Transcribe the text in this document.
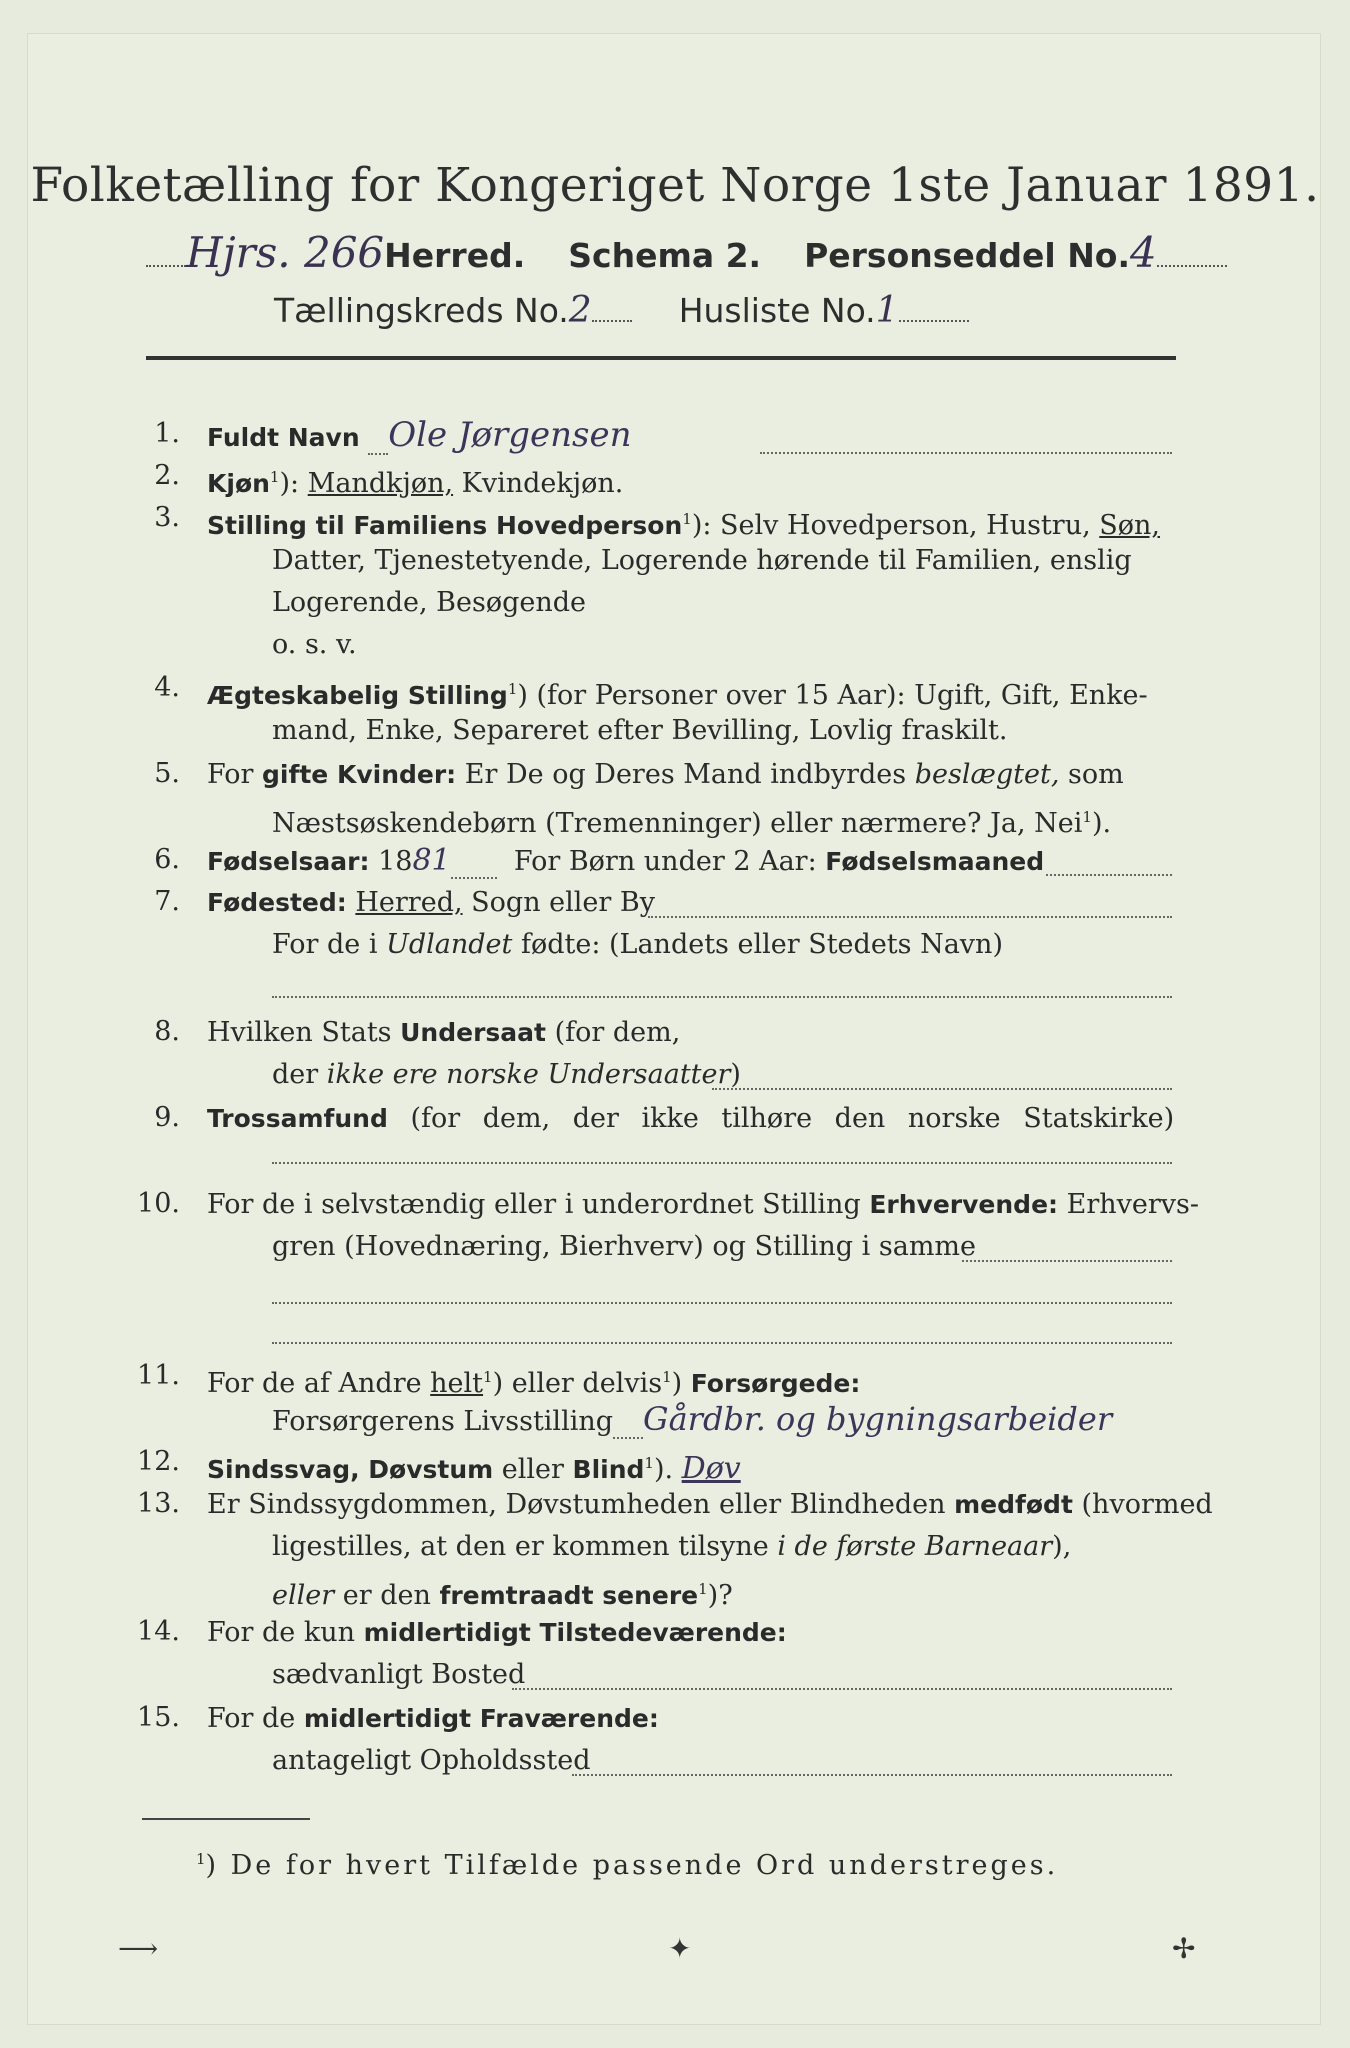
Folketælling for Kongeriget Norge 1ste Januar 1891.
Hjrs. 266Herred. Schema 2. Personseddel No.4
Tællingskreds No.2	Husliste No.1
1. Fuldt Navn Ole Jørgensen
2. Kjøn$^1$): Mandkjøn, Kvindekjøn.
3. Stilling til Familiens Hovedperson$^1$): Selv Hovedperson, Hustru, Søn,
Datter, Tjenestetyende, Logerende hørende til Familien, enslig
Logerende, Besøgende
o. s. v.
4. Ægteskabelig Stilling$^1$) (for Personer over 15 Aar): Ugift, Gift, Enke-
mand, Enke, Separeret efter Bevilling, Lovlig fraskilt.
5. For gifte Kvinder: Er De og Deres Mand indbyrdes beslægtet, som
Næstsøskendebørn (Tremenninger) eller nærmere? Ja, Nei$^1$).
6. Fødselsaar: 1881 For Børn under 2 Aar: Fødselsmaaned
7. Fødested: Herred, Sogn eller By
For de i Udlandet fødte: (Landets eller Stedets Navn)
8. Hvilken Stats Undersaat (for dem,
der ikke ere norske Undersaatter)
9. Trossamfund (for dem, der ikke tilhøre den norske Statskirke)
10. For de i selvstændig eller i underordnet Stilling Erhvervende: Erhvervs-
gren (Hovednæring, Bierhverv) og Stilling i samme
11. For de af Andre helt$^1$) eller delvis$^1$) Forsørgede:
Forsørgerens Livsstilling Gårdbr. og bygningsarbeider
12. Sindssvag, Døvstum eller Blind$^1$). Døv
13. Er Sindssygdommen, Døvstumheden eller Blindheden medfødt (hvormed
ligestilles, at den er kommen tilsyne i de første Barneaar),
eller er den fremtraadt senere$^1$)?
14. For de kun midlertidigt Tilstedeværende:
sædvanligt Bosted
15. For de midlertidigt Fraværende:
antageligt Opholdssted
$^1$) De for hvert Tilfælde passende Ord understreges.
⟶	✦	✢
